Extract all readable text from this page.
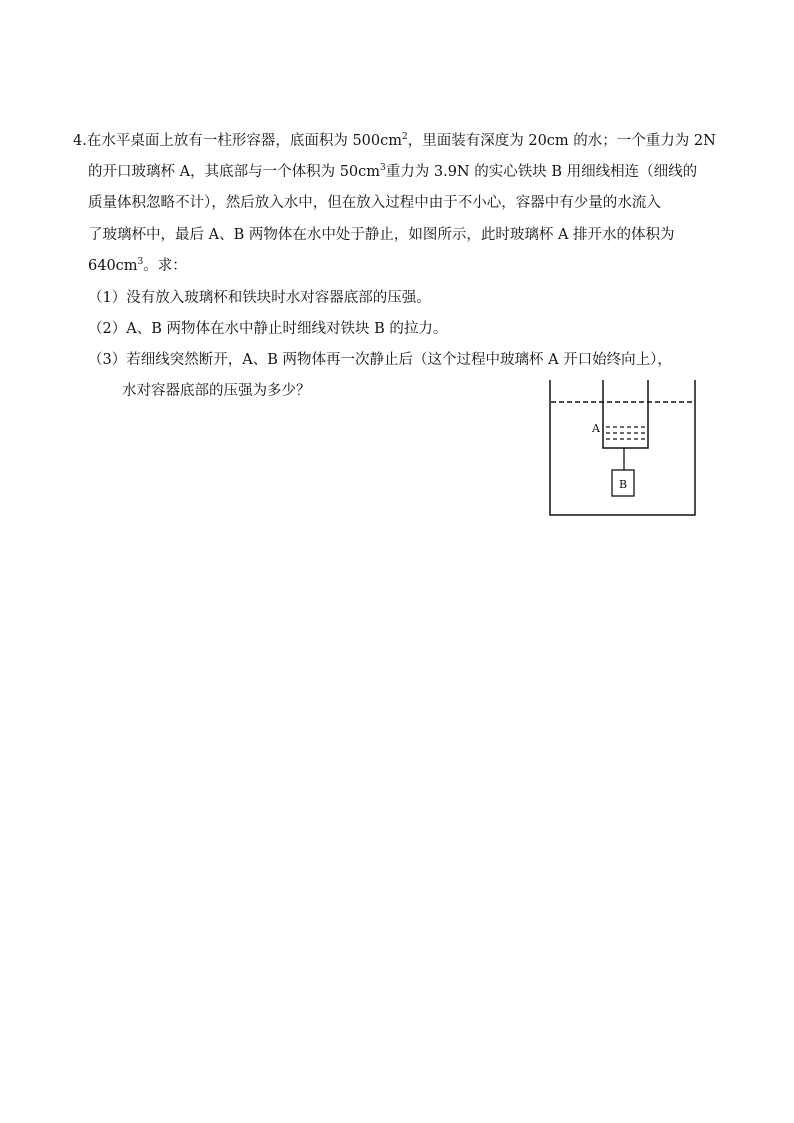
4.在水平桌面上放有一柱形容器，底面积为 $500cm^2$，里面装有深度为 20cm 的水；一个重力为 2N
的开口玻璃杯 A，其底部与一个体积为 $50cm^3$重力为 3.9N 的实心铁块 B 用细线相连（细线的
质量体积忽略不计），然后放入水中，但在放入过程中由于不小心，容器中有少量的水流入
了玻璃杯中，最后 A、B 两物体在水中处于静止，如图所示，此时玻璃杯 A 排开水的体积为
$640cm^3$。求：
（1）没有放入玻璃杯和铁块时水对容器底部的压强。
（2）A、B 两物体在水中静止时细线对铁块 B 的拉力。
（3）若细线突然断开，A、B 两物体再一次静止后（这个过程中玻璃杯 A 开口始终向上），
水对容器底部的压强为多少？
A
B
